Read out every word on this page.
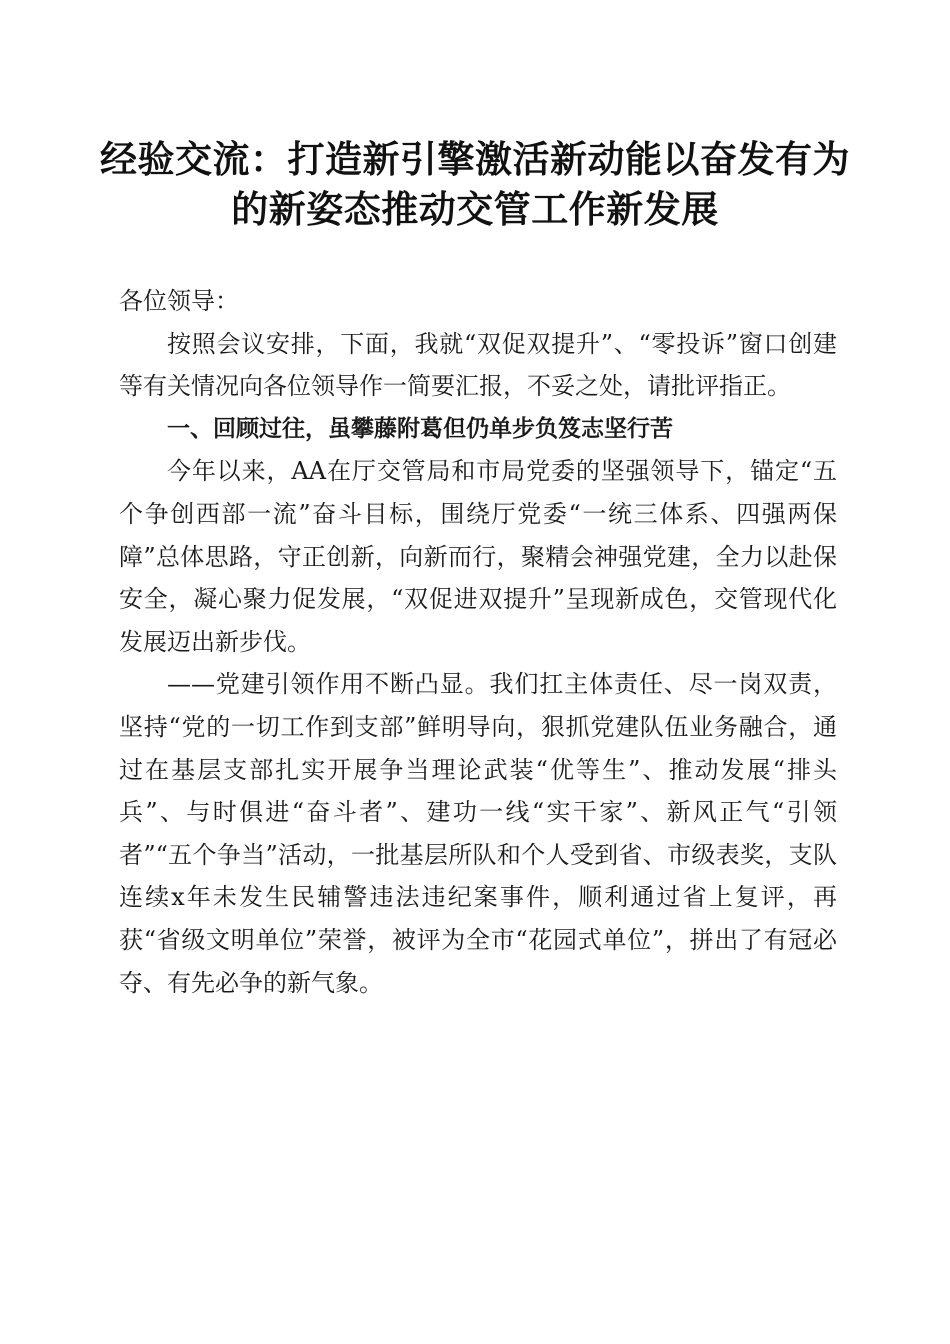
经验交流：打造新引擎激活新动能以奋发有为
的新姿态推动交管工作新发展

各位领导：

按照会议安排，下面，我就“双促双提升”、“零投诉”窗口创建等有关情况向各位领导作一简要汇报，不妥之处，请批评指正。

一、回顾过往，虽攀藤附葛但仍单步负笈志坚行苦

今年以来，AA在厅交管局和市局党委的坚强领导下，锚定“五个争创西部一流”奋斗目标，围绕厅党委“一统三体系、四强两保障”总体思路，守正创新，向新而行，聚精会神强党建，全力以赴保安全，凝心聚力促发展，“双促进双提升”呈现新成色，交管现代化发展迈出新步伐。

——党建引领作用不断凸显。我们扛主体责任、尽一岗双责，坚持“党的一切工作到支部”鲜明导向，狠抓党建队伍业务融合，通过在基层支部扎实开展争当理论武装“优等生”、推动发展“排头兵”、与时俱进“奋斗者”、建功一线“实干家”、新风正气“引领者”“五个争当”活动，一批基层所队和个人受到省、市级表奖，支队连续x年未发生民辅警违法违纪案事件，顺利通过省上复评，再获“省级文明单位”荣誉，被评为全市“花园式单位”，拼出了有冠必夺、有先必争的新气象。
